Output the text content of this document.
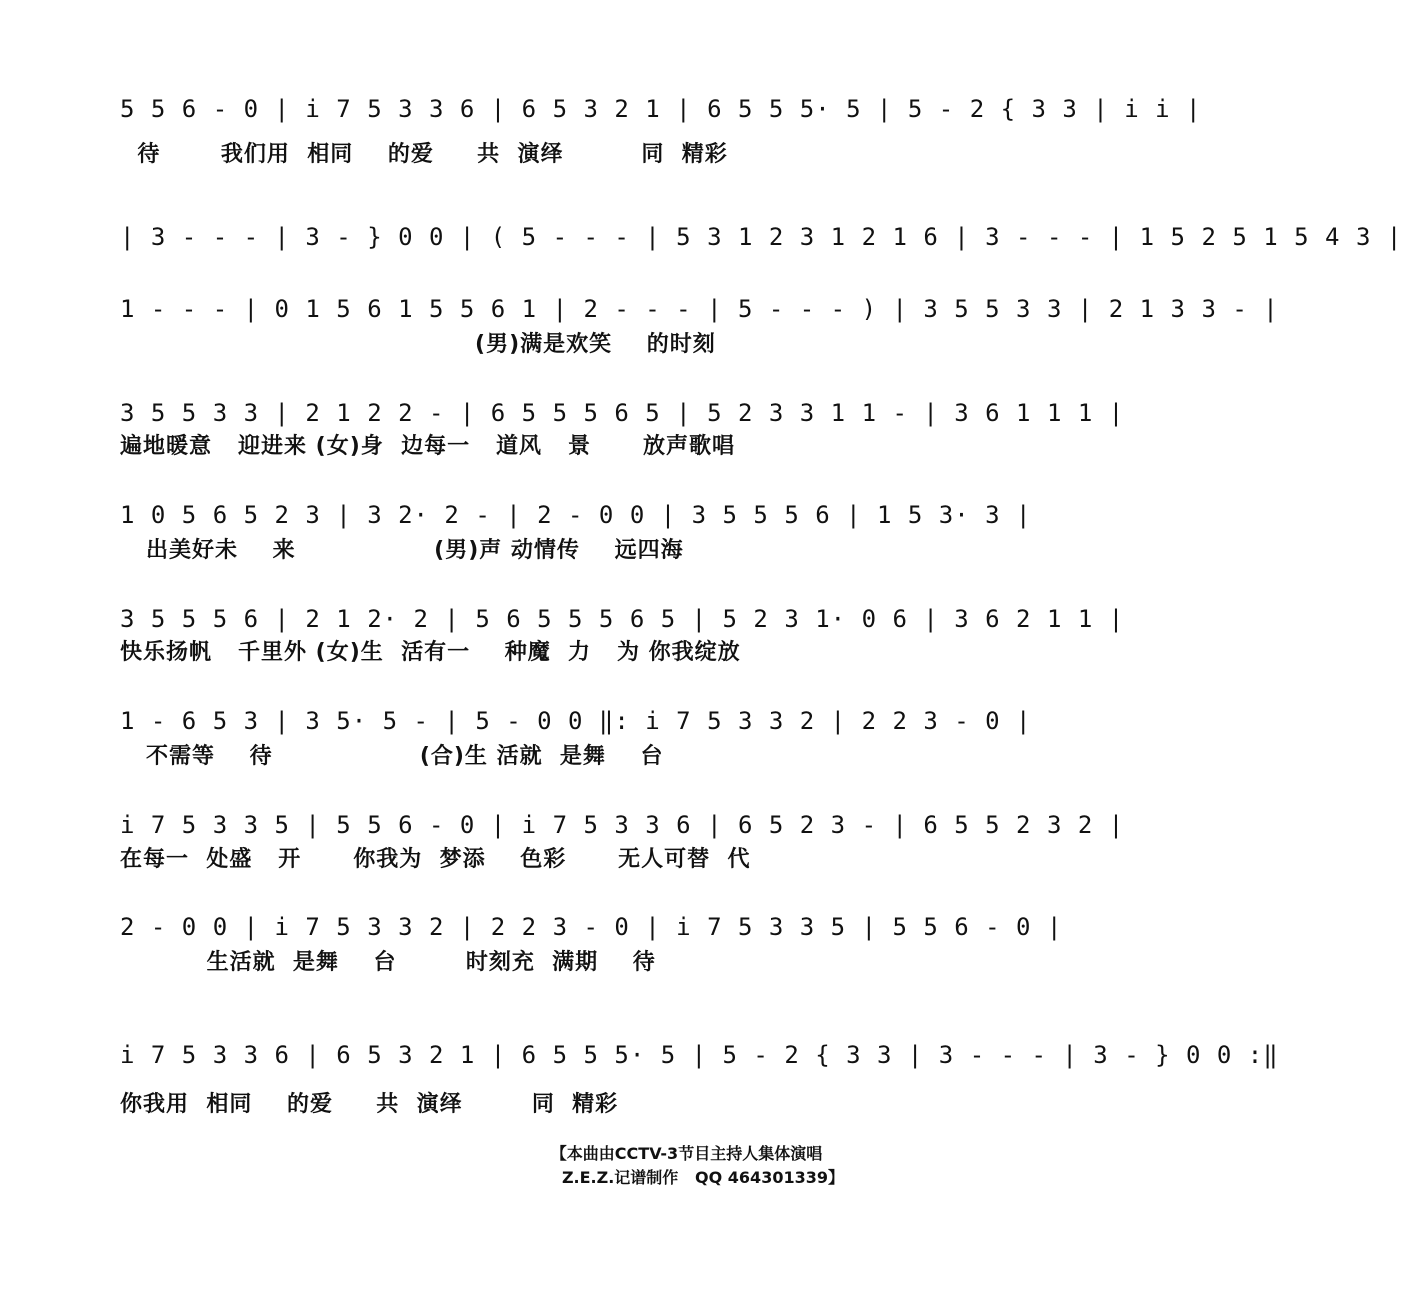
5 5 6 - 0 | i 7 5 3 3 6 | 6 5 3 2 1 | 6 5 5 5· 5 | 5 - 2 { 3 3 | i i |
待       我们用  相同    的爱     共  演绎         同  精彩
| 3 - - - | 3 - } 0 0 | ( 5 - - - | 5 3 1 2 3 1 2 1 6 | 3 - - - | 1 5 2 5 1 5 4 3 |
1 - - - | 0 1 5 6 1 5 5 6 1 | 2 - - - | 5 - - - ) | 3 5 5 3 3 | 2 1 3 3 - |
(男)满是欢笑    的时刻
3 5 5 3 3 | 2 1 2 2 - | 6 5 5 5 6 5 | 5 2 3 3 1 1 - | 3 6 1 1 1 |
遍地暖意   迎进来 (女)身  边每一   道风   景      放声歌唱
1 0 5 6 5 2 3 | 3 2· 2 - | 2 - 0 0 | 3 5 5 5 6 | 1 5 3· 3 |
出美好未    来                (男)声 动情传    远四海
3 5 5 5 6 | 2 1 2· 2 | 5 6 5 5 5 6 5 | 5 2 3 1· 0 6 | 3 6 2 1 1 |
快乐扬帆   千里外 (女)生  活有一    种魔  力   为 你我绽放
1 - 6 5 3 | 3 5· 5 - | 5 - 0 0 ‖: i 7 5 3 3 2 | 2 2 3 - 0 |
不需等    待                 (合)生 活就  是舞    台
i 7 5 3 3 5 | 5 5 6 - 0 | i 7 5 3 3 6 | 6 5 2 3 - | 6 5 5 2 3 2 |
在每一  处盛   开      你我为  梦添    色彩      无人可替  代
2 - 0 0 | i 7 5 3 3 2 | 2 2 3 - 0 | i 7 5 3 3 5 | 5 5 6 - 0 |
生活就  是舞    台        时刻充  满期    待
i 7 5 3 3 6 | 6 5 3 2 1 | 6 5 5 5· 5 | 5 - 2 { 3 3 | 3 - - - | 3 - } 0 0 :‖
你我用  相同    的爱     共  演绎        同  精彩
【本曲由CCTV-3节目主持人集体演唱
Z.E.Z.记谱制作   QQ 464301339】
